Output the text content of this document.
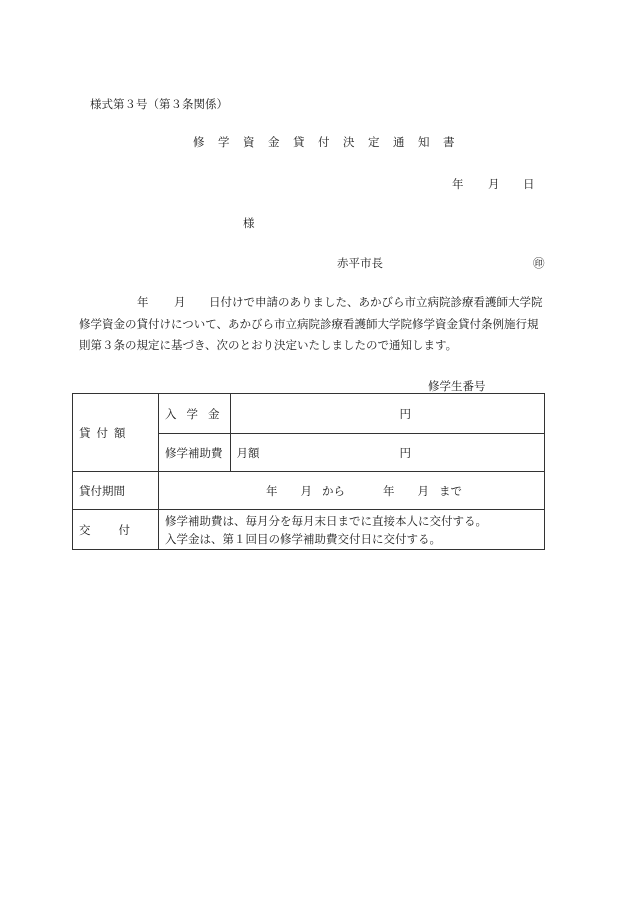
様式第３号（第３条関係）
修学資金貸付決定通知書
年 月 日
様
赤平市長	㊞
年 月 日付けで申請のありました、あかびら市立病院診療看護師大学院
修学資金の貸付けについて、あかびら市立病院診療看護師大学院修学資金貸付条例施行規
則第３条の規定に基づき、次のとおり決定いたしましたので通知します。
修学生番号
貸付額	入学金	円
	修学補助費	月額 円
貸付期間	年 月 から 年 月 まで	
交付	修学補助費は、毎月分を毎月末日までに直接本人に交付する。
入学金は、第１回目の修学補助費交付日に交付する。	
